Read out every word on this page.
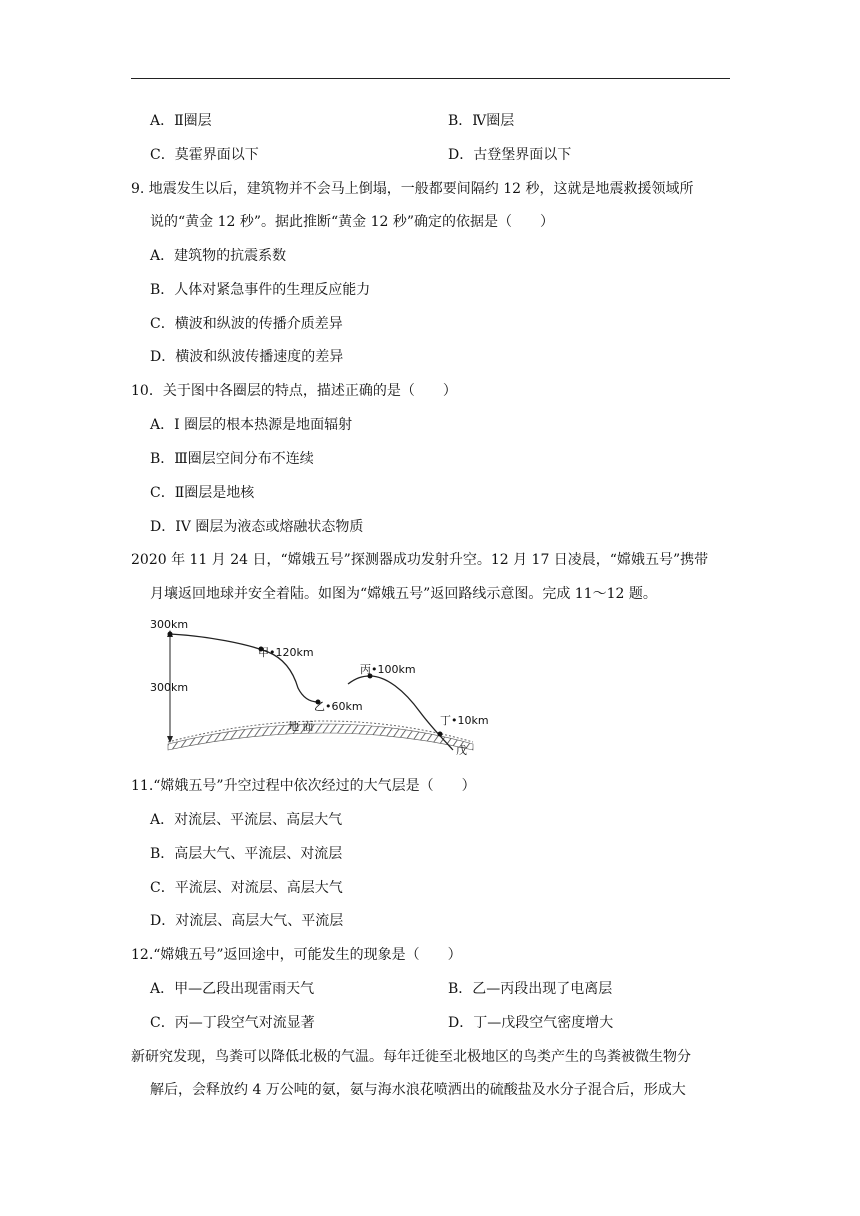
A．Ⅱ圈层	B．Ⅳ圈层
C．莫霍界面以下	D．古登堡界面以下
9. 地震发生以后，建筑物并不会马上倒塌，一般都要间隔约 12 秒，这就是地震救援领域所
说的“黄金 12 秒”。据此推断“黄金 12 秒”确定的依据是（　　）
A．建筑物的抗震系数
B．人体对紧急事件的生理反应能力
C．横波和纵波的传播介质差异
D．横波和纵波传播速度的差异
10．关于图中各圈层的特点，描述正确的是（　　）
A．I 圈层的根本热源是地面辐射
B．Ⅲ圈层空间分布不连续
C．Ⅱ圈层是地核
D．IV 圈层为液态或熔融状态物质
2020 年 11 月 24 日，“嫦娥五号”探测器成功发射升空。12 月 17 日凌晨，“嫦娥五号”携带
月壤返回地球并安全着陆。如图为“嫦娥五号”返回路线示意图。完成 11～12 题。
300km
300km
甲•120km
乙•60km
丙•100km
丁•10km
戊
地 面
11.“嫦娥五号”升空过程中依次经过的大气层是（　　）
A．对流层、平流层、高层大气
B．高层大气、平流层、对流层
C．平流层、对流层、高层大气
D．对流层、高层大气、平流层
12.“嫦娥五号”返回途中，可能发生的现象是（　　）
A．甲—乙段出现雷雨天气	B．乙—丙段出现了电离层
C．丙—丁段空气对流显著	D．丁—戊段空气密度增大
新研究发现，鸟粪可以降低北极的气温。每年迁徙至北极地区的鸟类产生的鸟粪被微生物分
解后，会释放约 4 万公吨的氨，氨与海水浪花喷洒出的硫酸盐及水分子混合后，形成大
